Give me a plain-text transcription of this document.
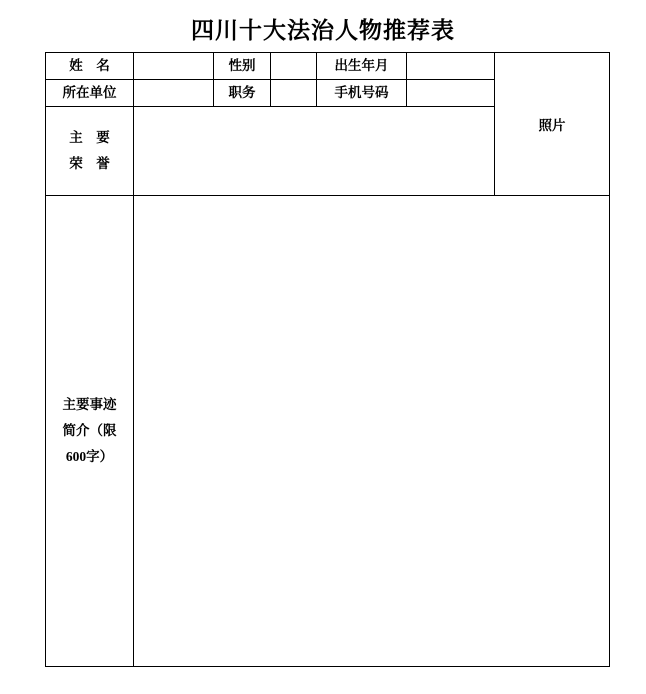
四川十大法治人物推荐表
姓　名		性别		出生年月		照片
所在单位		职务		手机号码		

主　要
荣　誉						

主要事迹
简介（限
600字）						
